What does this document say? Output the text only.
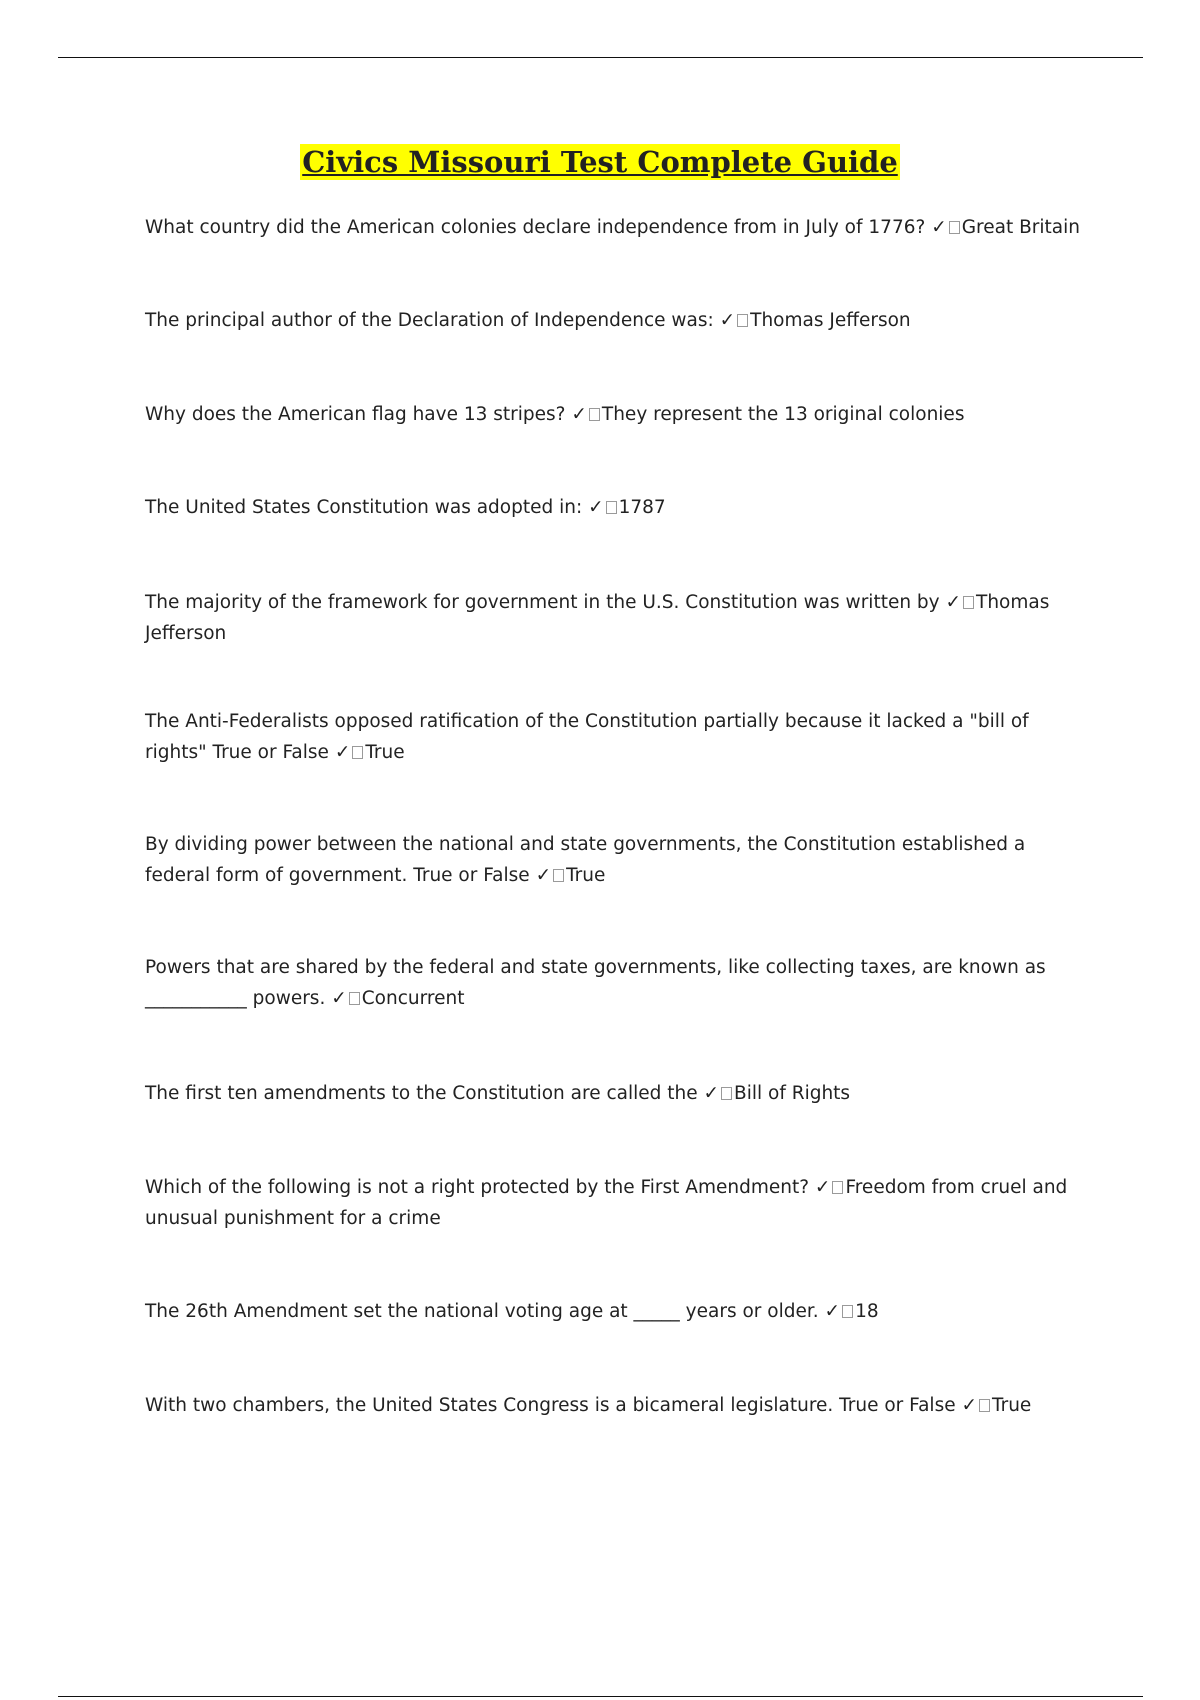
Civics Missouri Test Complete Guide

What country did the American colonies declare independence from in July of 1776? ✓ Great Britain

The principal author of the Declaration of Independence was: ✓ Thomas Jefferson

Why does the American flag have 13 stripes? ✓ They represent the 13 original colonies

The United States Constitution was adopted in: ✓ 1787

The majority of the framework for government in the U.S. Constitution was written by ✓ Thomas Jefferson

The Anti-Federalists opposed ratification of the Constitution partially because it lacked a "bill of rights" True or False ✓ True

By dividing power between the national and state governments, the Constitution established a federal form of government. True or False ✓ True

Powers that are shared by the federal and state governments, like collecting taxes, are known as ___________ powers. ✓ Concurrent

The first ten amendments to the Constitution are called the ✓ Bill of Rights

Which of the following is not a right protected by the First Amendment? ✓ Freedom from cruel and unusual punishment for a crime

The 26th Amendment set the national voting age at _____ years or older. ✓ 18

With two chambers, the United States Congress is a bicameral legislature. True or False ✓ True
